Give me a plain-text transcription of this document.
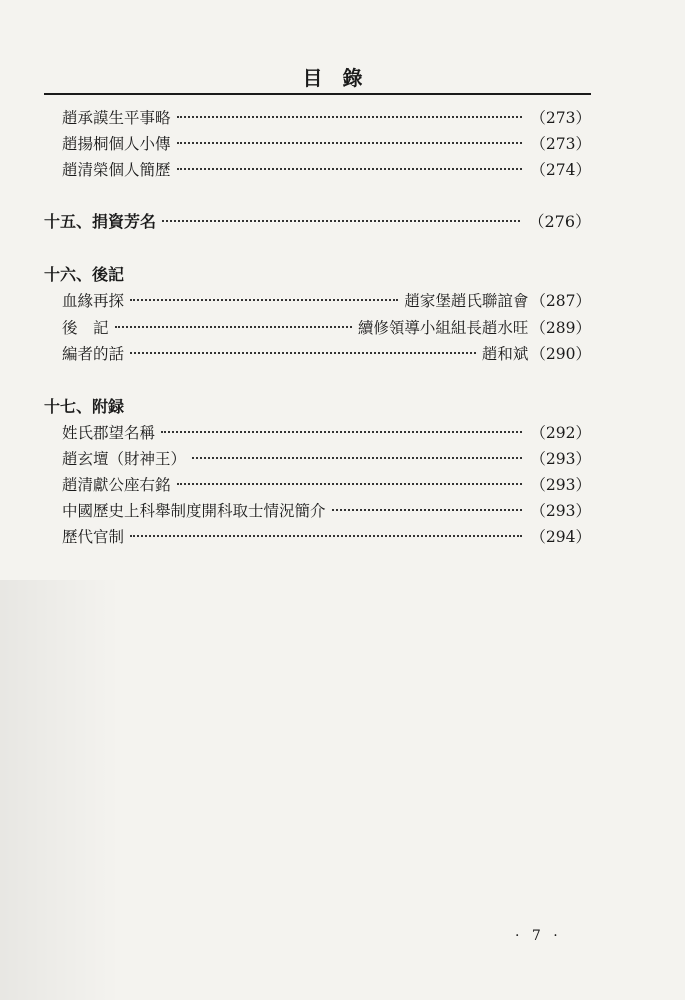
目錄
趙承謨生平事略	（273）
趙揚桐個人小傳	（273）
趙清榮個人簡歷	（274）
十五、捐資芳名	（276）
十六、後記
血緣再探	趙家堡趙氏聯誼會 （287）
後　記	續修領導小組組長趙水旺 （289）
編者的話	趙和斌 （290）
十七、附録
姓氏郡望名稱	（292）
趙玄壇（財神王）	（293）
趙清獻公座右銘	（293）
中國歷史上科舉制度開科取士情況簡介	（293）
歷代官制	（294）
· 7 ·
